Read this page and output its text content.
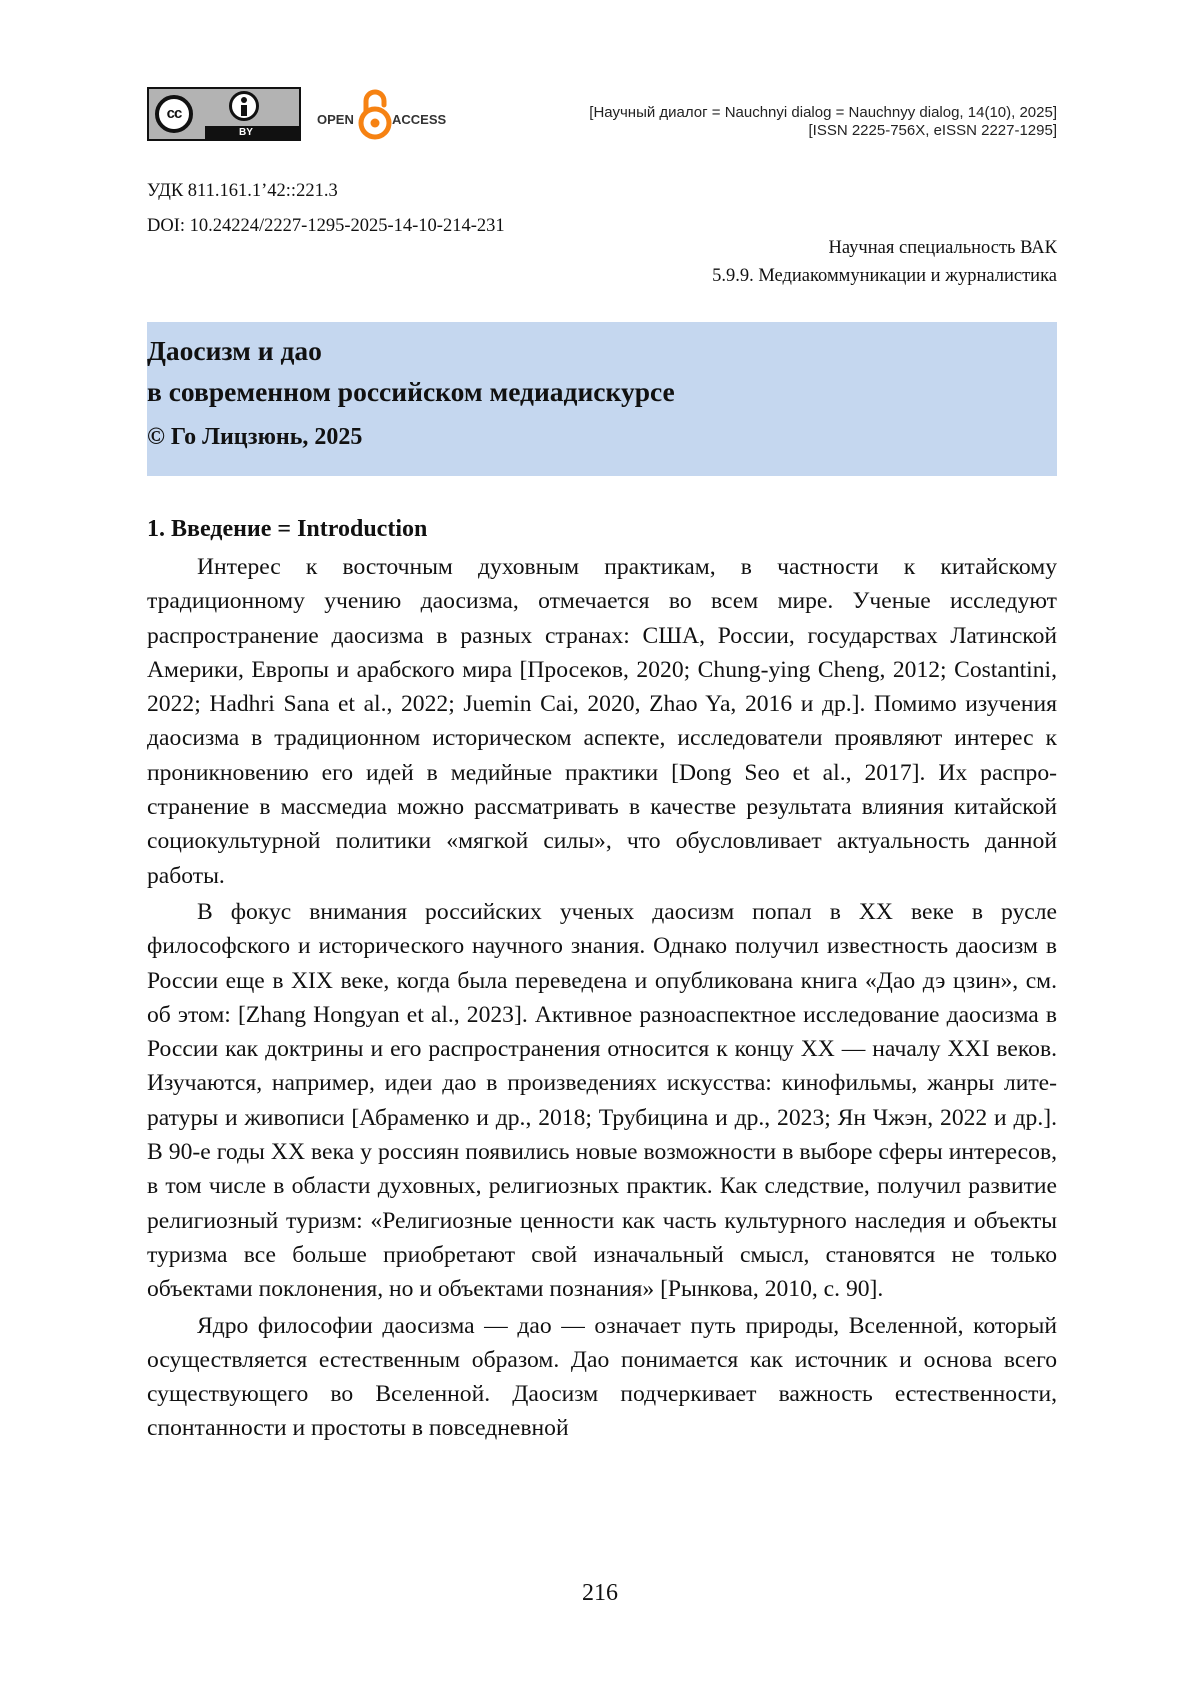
cc
BY
OPEN	ACCESS	[Научный диалог = Nauchnyi dialog = Nauchnyy dialog, 14(10), 2025]
[ISSN 2225-756X, eISSN 2227-1295]
УДК 811.161.1’42::221.3
DOI: 10.24224/2227-1295-2025-14-10-214-231
Научная специальность ВАК
5.9.9. Медиакоммуникации и журналистика
Даосизм и дао
в современном российском медиадискурсе
© Го Лицзюнь, 2025
1. Введение = Introduction

Интерес к восточным духовным практикам, в частности к китайскому традиционному учению даосизма, отмечается во всем мире. Ученые исследуют распространение даосизма в разных странах: США, России, государствах Латинской Америки, Европы и арабского мира [Просеков, 2020; Chung-ying Cheng, 2012; Costantini, 2022; Hadhri Sana et al., 2022; Juemin Cai, 2020, Zhao Ya, 2016 и др.]. Помимо изучения даосизма в традиционном историческом аспекте, исследователи проявляют интерес к проникновению его идей в медийные практики [Dong Seo et al., 2017]. Их распространение в массмедиа можно рассматривать в качестве результата влияния китайской социокультурной политики «мягкой силы», что обусловливает актуальность данной работы.

В фокус внимания российских ученых даосизм попал в XX веке в русле философского и исторического научного знания. Однако получил известность даосизм в России еще в XIX веке, когда была переведена и опубликована книга «Дао дэ цзин», см. об этом: [Zhang Hongyan et al., 2023]. Активное разноаспектное исследование даосизма в России как доктрины и его распространения относится к концу XX — началу XXI веков. Изучаются, например, идеи дао в произведениях искусства: кинофильмы, жанры литературы и живописи [Абраменко и др., 2018; Трубицина и др., 2023; Ян Чжэн, 2022 и др.]. В 90-е годы XX века у россиян появились новые возможности в выборе сферы интересов, в том числе в области духовных, религиозных практик. Как следствие, получил развитие религиозный туризм: «Религиозные ценности как часть культурного наследия и объекты туризма все больше приобретают свой изначальный смысл, становятся не только объектами поклонения, но и объектами познания» [Рынкова, 2010, с. 90].

Ядро философии даосизма — дао — означает путь природы, Вселенной, который осуществляется естественным образом. Дао понимается как источник и основа всего существующего во Вселенной. Даосизм подчеркивает важность естественности, спонтанности и простоты в повседневной

216
